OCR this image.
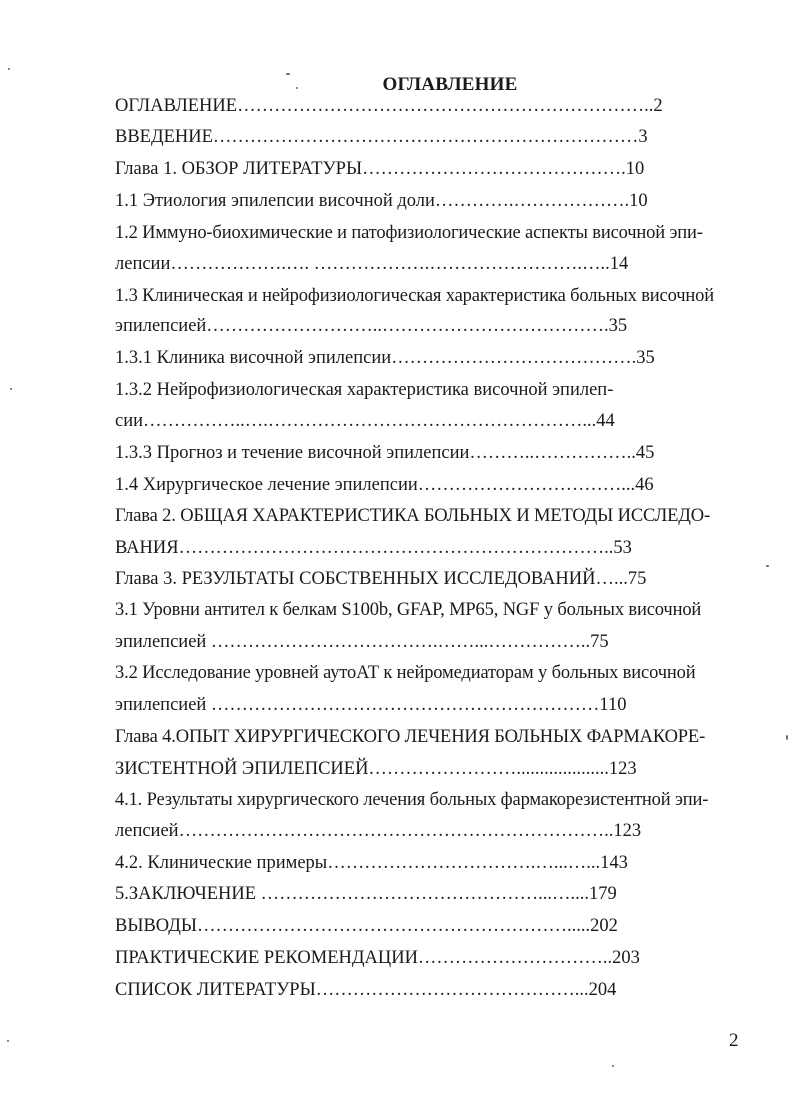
ОГЛАВЛЕНИЕ
ОГЛАВЛЕНИЕ…………………………………………………………..2
ВВЕДЕНИЕ……………………………………………………………3
Глава 1. ОБЗОР ЛИТЕРАТУРЫ…………………………………….10
1.1 Этиология эпилепсии височной доли………….……………….10
1.2 Иммуно-биохимические и патофизиологические аспекты височной эпи-
лепсии……………….…. ……………….…………………….…..14
1.3 Клиническая и нейрофизиологическая характеристика больных височной
эпилепсией………………………..……………………………….35
1.3.1 Клиника височной эпилепсии………………………………….35
1.3.2 Нейрофизиологическая характеристика височной эпилеп-
сии……………..….……………………………………………...44
1.3.3 Прогноз и течение височной эпилепсии………..……………..45
1.4 Хирургическое лечение эпилепсии……………………………...46
Глава 2. ОБЩАЯ ХАРАКТЕРИСТИКА БОЛЬНЫХ И МЕТОДЫ ИССЛЕДО-
ВАНИЯ……………………………………………………………..53
Глава 3. РЕЗУЛЬТАТЫ СОБСТВЕННЫХ ИССЛЕДОВАНИЙ…...75
3.1 Уровни антител к белкам S100b, GFAP, MP65, NGF у больных височной
эпилепсией ……………………………….……...……………..75
3.2 Исследование уровней аутоАТ к нейромедиаторам у больных височной
эпилепсией ………………………………………………………110
Глава 4.ОПЫТ ХИРУРГИЧЕСКОГО ЛЕЧЕНИЯ БОЛЬНЫХ ФАРМАКОРЕ-
ЗИСТЕНТНОЙ ЭПИЛЕПСИЕЙ……………………....................123
4.1. Результаты хирургического лечения больных фармакорезистентной эпи-
лепсией……………………………………………………………..123
4.2. Клинические примеры…………………………….…...…...143
5.ЗАКЛЮЧЕНИЕ ………………………………………...…....179
ВЫВОДЫ…………………………………………………….....202
ПРАКТИЧЕСКИЕ РЕКОМЕНДАЦИИ…………………………..203
СПИСОК ЛИТЕРАТУРЫ……………………………………...204
2
